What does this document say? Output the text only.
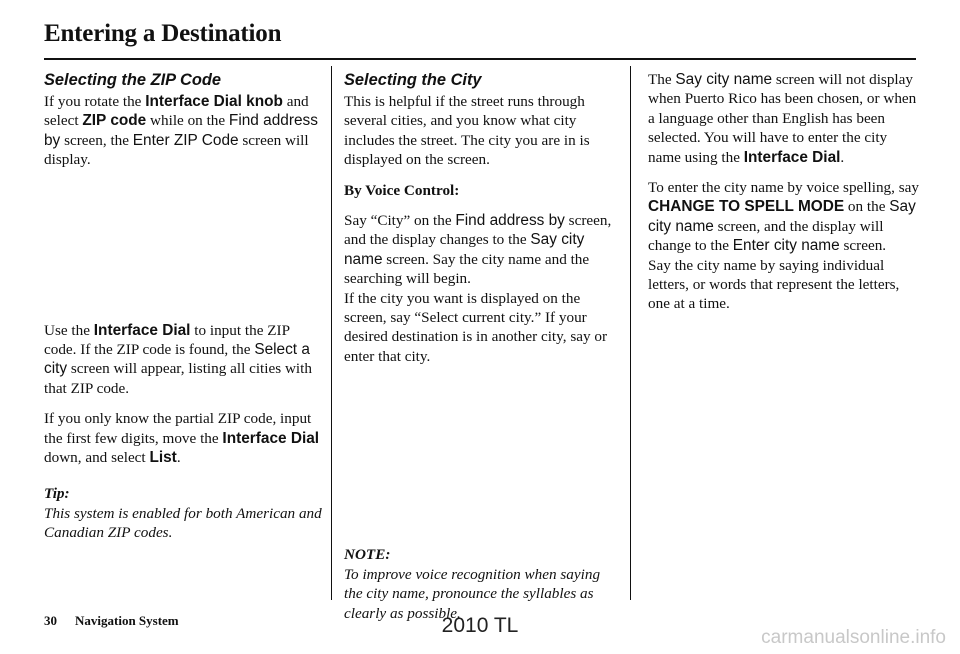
Entering a Destination
Selecting the ZIP Code

If you rotate the Interface Dial knob and select ZIP code while on the Find address by screen, the Enter ZIP Code screen will display.

Use the Interface Dial to input the ZIP code. If the ZIP code is found, the Select a city screen will appear, listing all cities with that ZIP code.

If you only know the partial ZIP code, input the first few digits, move the Interface Dial down, and select List.

Tip:
This system is enabled for both American and Canadian ZIP codes.
Selecting the City

This is helpful if the street runs through several cities, and you know what city includes the street. The city you are in is displayed on the screen.

By Voice Control:

Say “City” on the Find address by screen, and the display changes to the Say city name screen. Say the city name and the searching will begin.

If the city you want is displayed on the screen, say “Select current city.” If your desired destination is in another city, say or enter that city.

NOTE:
To improve voice recognition when saying the city name, pronounce the syllables as clearly as possible.

The Say city name screen will not display when Puerto Rico has been chosen, or when a language other than English has been selected. You will have to enter the city name using the Interface Dial.

To enter the city name by voice spelling, say CHANGE TO SPELL MODE on the Say city name screen, and the display will change to the Enter city name screen.

Say the city name by saying individual letters, or words that represent the letters, one at a time.

30 Navigation System	2010 TL
carmanualsonline.info
